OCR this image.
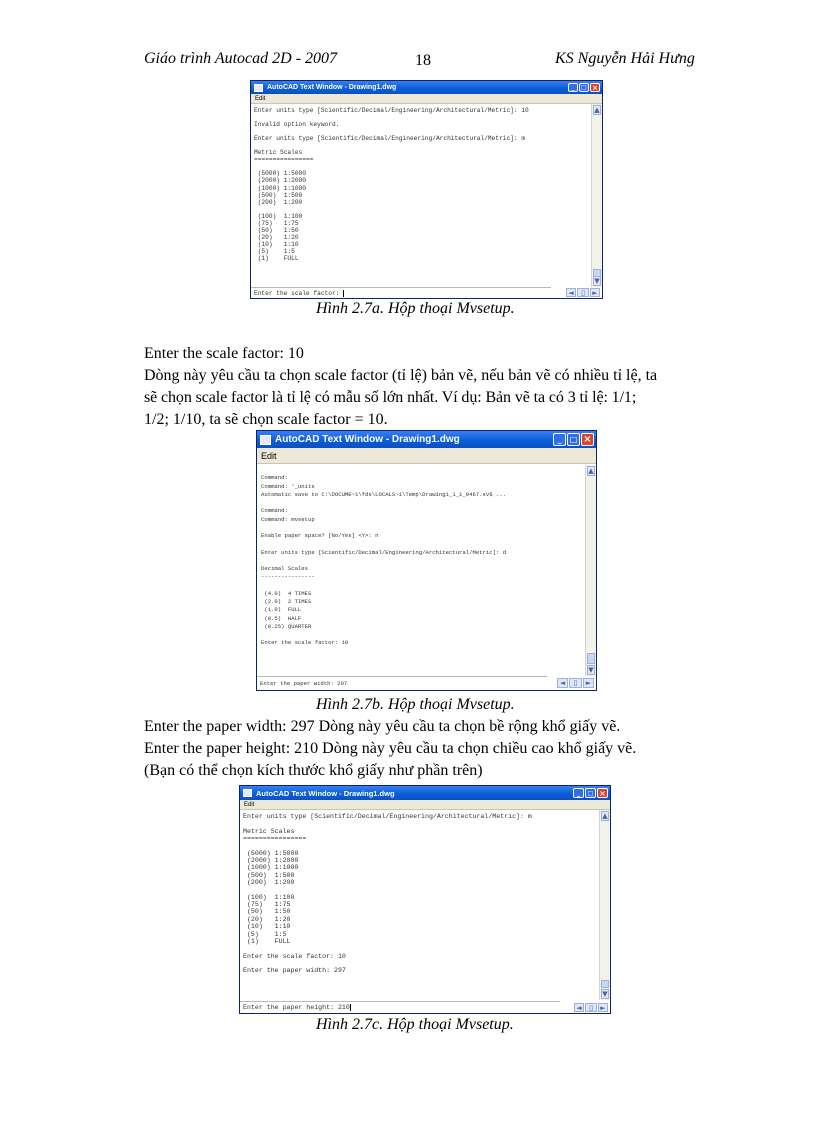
Giáo trình Autocad 2D - 2007	18	KS Nguyễn Hải Hưng
AutoCAD Text Window - Drawing1.dwg	_	□ ×
Edit
Enter units type [Scientific/Decimal/Engineering/Architectural/Metric]: 10

Invalid option keyword.

Enter units type [Scientific/Decimal/Engineering/Architectural/Metric]: m

Metric Scales
================

(5000) 1:5000
(2000) 1:2000
(1000) 1:1000
(500)  1:500
(200)  1:200

(100)  1:100
(75)   1:75
(50)   1:50
(20)   1:20
(10)   1:10
(5)    1:5
(1)    FULL
▲
▼
Enter the scale factor:	◄	▯	►
Hình 2.7a. Hộp thoại Mvsetup.

Enter the scale factor: 10

Dòng này yêu cầu ta chọn scale factor (tỉ lệ) bản vẽ, nếu bản vẽ có nhiều tỉ lệ, ta

sẽ chọn scale factor là tỉ lệ có mẫu số lớn nhất. Ví dụ: Bản vẽ ta có 3 tỉ lệ: 1/1;

1/2; 1/10, ta sẽ chọn scale factor = 10.

AutoCAD Text Window - Drawing1.dwg	_	□ ×
Edit

Command:
Command: '_units
Automatic save to C:\DOCUME~1\fds\LOCALS~1\Temp\Drawing1_1_1_0467.sv$ ...

Command:
Command: mvsetup

Enable paper space? [No/Yes] <Y>: n

Enter units type [Scientific/Decimal/Engineering/Architectural/Metric]: d

Decimal Scales
----------------

(4.0)  4 TIMES
(2.0)  2 TIMES
(1.0)  FULL
(0.5)  HALF
(0.25) QUARTER

Enter the scale factor: 10

▲
▼
Enter the paper width: 297	◄	▯	►
Hình 2.7b. Hộp thoại Mvsetup.

Enter the paper width: 297 Dòng này yêu cầu ta chọn bề rộng khổ giấy vẽ.

Enter the paper height: 210 Dòng này yêu cầu ta chọn chiều cao khổ giấy vẽ.

(Bạn có thể chọn kích thước khổ giấy như phần trên)

AutoCAD Text Window - Drawing1.dwg	_	□ ×
Edit
Enter units type [Scientific/Decimal/Engineering/Architectural/Metric]: m

Metric Scales
================

(5000) 1:5000
(2000) 1:2000
(1000) 1:1000
(500)  1:500
(200)  1:200

(100)  1:100
(75)   1:75
(50)   1:50
(20)   1:20
(10)   1:10
(5)    1:5
(1)    FULL

Enter the scale factor: 10

Enter the paper width: 297
▲
▼
Enter the paper height: 210	◄	▯	►
Hình 2.7c. Hộp thoại Mvsetup.
